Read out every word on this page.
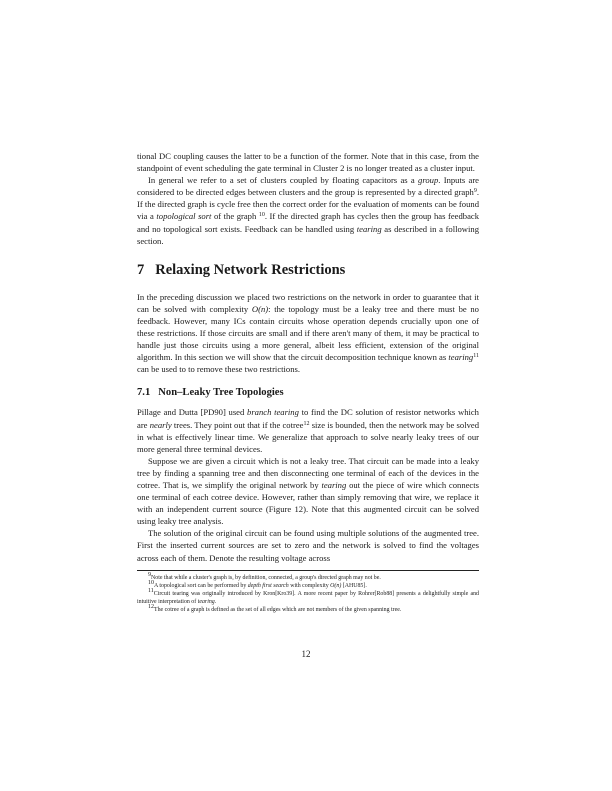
tional DC coupling causes the latter to be a function of the former. Note that in this case, from the standpoint of event scheduling the gate terminal in Cluster 2 is no longer treated as a cluster input.

In general we refer to a set of clusters coupled by floating capacitors as a group. Inputs are considered to be directed edges between clusters and the group is represented by a directed graph$^9$. If the directed graph is cycle free then the correct order for the evaluation of moments can be found via a topological sort of the graph $^{10}$. If the directed graph has cycles then the group has feedback and no topological sort exists. Feedback can be handled using tearing as described in a following section.

7 Relaxing Network Restrictions

In the preceding discussion we placed two restrictions on the network in order to guarantee that it can be solved with complexity O(n): the topology must be a leaky tree and there must be no feedback. However, many ICs contain circuits whose operation depends crucially upon one of these restrictions. If those circuits are small and if there aren't many of them, it may be practical to handle just those circuits using a more general, albeit less efficient, extension of the original algorithm. In this section we will show that the circuit decomposition technique known as tearing$^{11}$ can be used to to remove these two restrictions.

7.1 Non–Leaky Tree Topologies

Pillage and Dutta [PD90] used branch tearing to find the DC solution of resistor networks which are nearly trees. They point out that if the cotree$^{12}$ size is bounded, then the network may be solved in what is effectively linear time. We generalize that approach to solve nearly leaky trees of our more general three terminal devices.

Suppose we are given a circuit which is not a leaky tree. That circuit can be made into a leaky tree by finding a spanning tree and then disconnecting one terminal of each of the devices in the cotree. That is, we simplify the original network by tearing out the piece of wire which connects one terminal of each cotree device. However, rather than simply removing that wire, we replace it with an independent current source (Figure 12). Note that this augmented circuit can be solved using leaky tree analysis.

The solution of the original circuit can be found using multiple solutions of the augmented tree. First the inserted current sources are set to zero and the network is solved to find the voltages across each of them. Denote the resulting voltage across

$^9$Note that while a cluster's graph is, by definition, connected, a group's directed graph may not be.

$^{10}$A topological sort can be performed by depth first search with complexity O(n) [AHU85].

$^{11}$Circuit tearing was originally introduced by Kron[Kro39]. A more recent paper by Rohrer[Rob88] presents a delightfully simple and intuitive interpretation of tearing.

$^{12}$The cotree of a graph is defined as the set of all edges which are not members of the given spanning tree.

12
